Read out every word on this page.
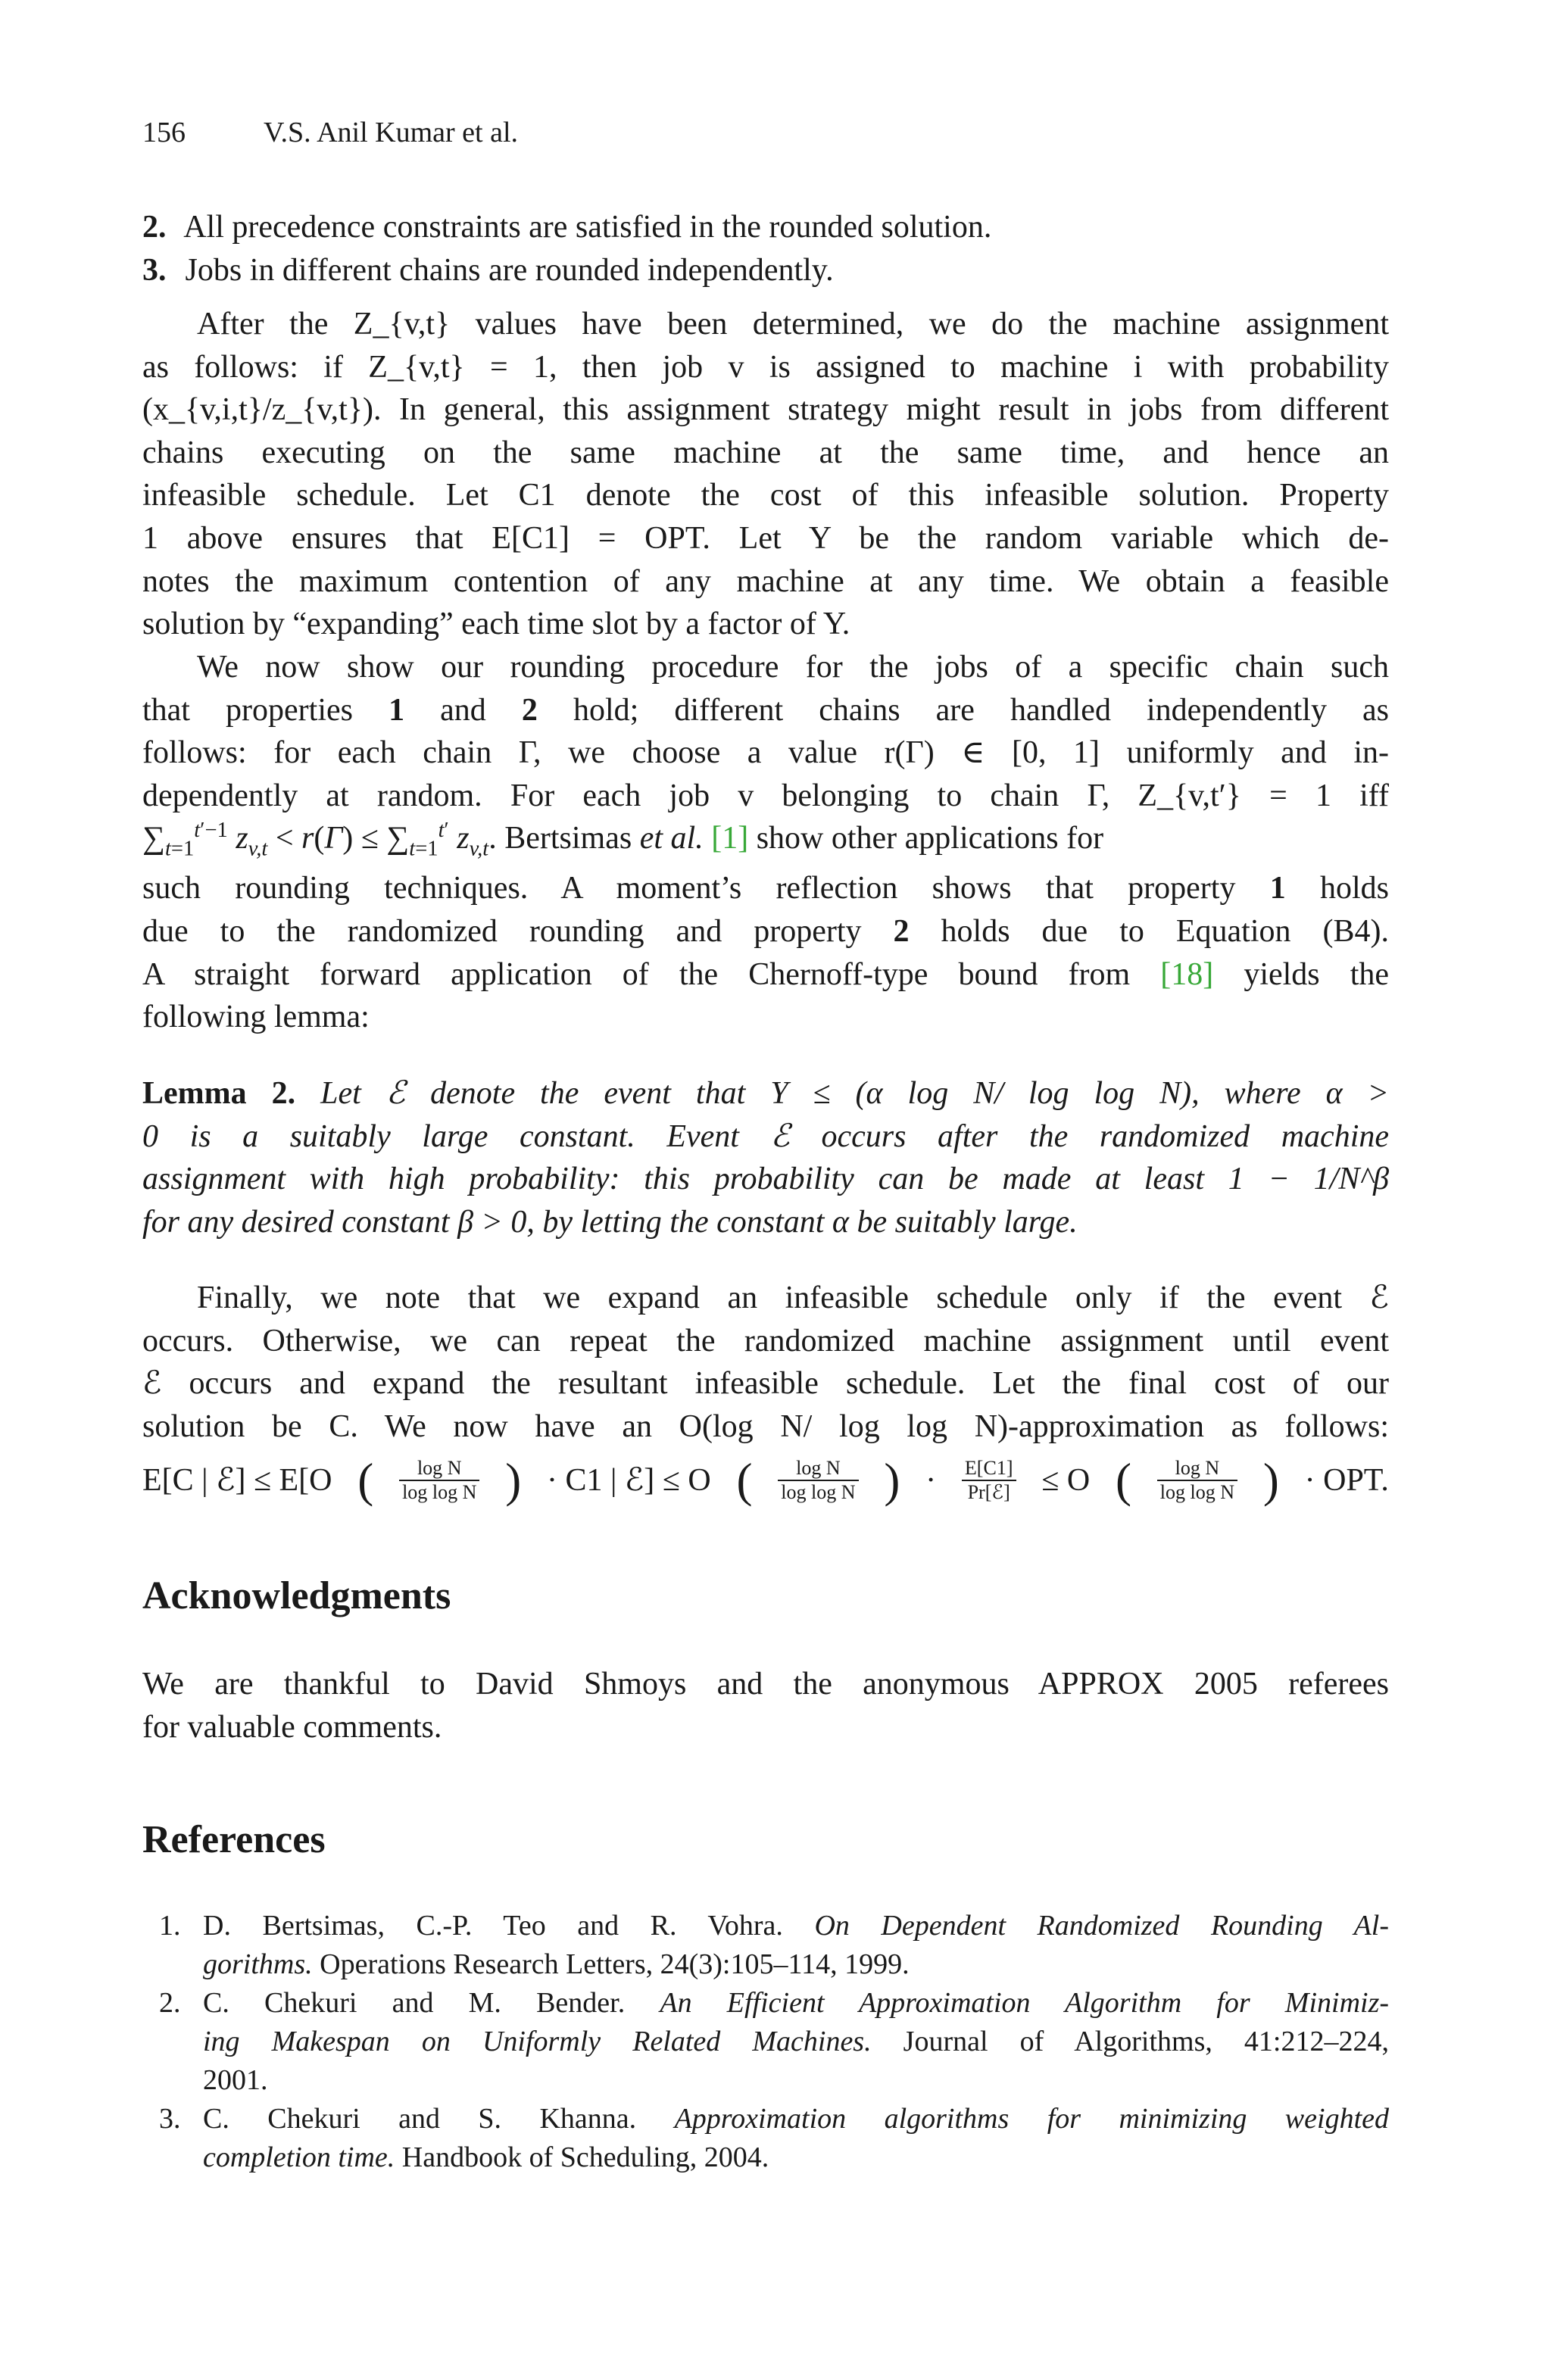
156	V.S. Anil Kumar et al.
2. All precedence constraints are satisfied in the rounded solution.
3. Jobs in different chains are rounded independently.
After the Z_{v,t} values have been determined, we do the machine assignment
as follows: if Z_{v,t} = 1, then job v is assigned to machine i with probability
(x_{v,i,t}/z_{v,t}). In general, this assignment strategy might result in jobs from different
chains executing on the same machine at the same time, and hence an
infeasible schedule. Let C1 denote the cost of this infeasible solution. Property
1 above ensures that E[C1] = OPT. Let Y be the random variable which de-
notes the maximum contention of any machine at any time. We obtain a feasible
solution by “expanding” each time slot by a factor of Y.
We now show our rounding procedure for the jobs of a specific chain such
that properties 1 and 2 hold; different chains are handled independently as
follows: for each chain Γ, we choose a value r(Γ) ∈ [0, 1] uniformly and in-
dependently at random. For each job v belonging to chain Γ, Z_{v,t′} = 1 iff
$\sum_{t=1}^{t'-1}$ $z_{v,t} < r(\Gamma) \le \sum_{t=1}^{t'}$ $z_{v,t}$. Bertsimas et al. [1] show other applications for
such rounding techniques. A moment’s reflection shows that property 1 holds
due to the randomized rounding and property 2 holds due to Equation (B4).
A straight forward application of the Chernoff-type bound from [18] yields the
following lemma:
Lemma 2. Let ℰ denote the event that Y ≤ (α log N/ log log N), where α >
0 is a suitably large constant. Event ℰ occurs after the randomized machine
assignment with high probability: this probability can be made at least 1 − 1/N^β
for any desired constant β > 0, by letting the constant α be suitably large.
Finally, we note that we expand an infeasible schedule only if the event ℰ
occurs. Otherwise, we can repeat the randomized machine assignment until event
ℰ occurs and expand the resultant infeasible schedule. Let the final cost of our
solution be C. We now have an O(log N/ log log N)-approximation as follows:
E[C | ℰ] ≤ E[O ( $\frac{\text{log N}}{\text{log log N}}$ ) · C1 | ℰ] ≤ O ( $\frac{\text{log N}}{\text{log log N}}$ ) · $\frac{E[C1]}{\text{Pr[ℰ]}} \le O$ ( $\frac{\text{log N}}{\text{log log N}}$ ) · OPT.
Acknowledgments
We are thankful to David Shmoys and the anonymous APPROX 2005 referees
for valuable comments.
References
1. D. Bertsimas, C.-P. Teo and R. Vohra. On Dependent Randomized Rounding Al-
gorithms. Operations Research Letters, 24(3):105–114, 1999.
2. C. Chekuri and M. Bender. An Efficient Approximation Algorithm for Minimiz-
ing Makespan on Uniformly Related Machines. Journal of Algorithms, 41:212–224,
2001.
3. C. Chekuri and S. Khanna. Approximation algorithms for minimizing weighted
completion time. Handbook of Scheduling, 2004.
